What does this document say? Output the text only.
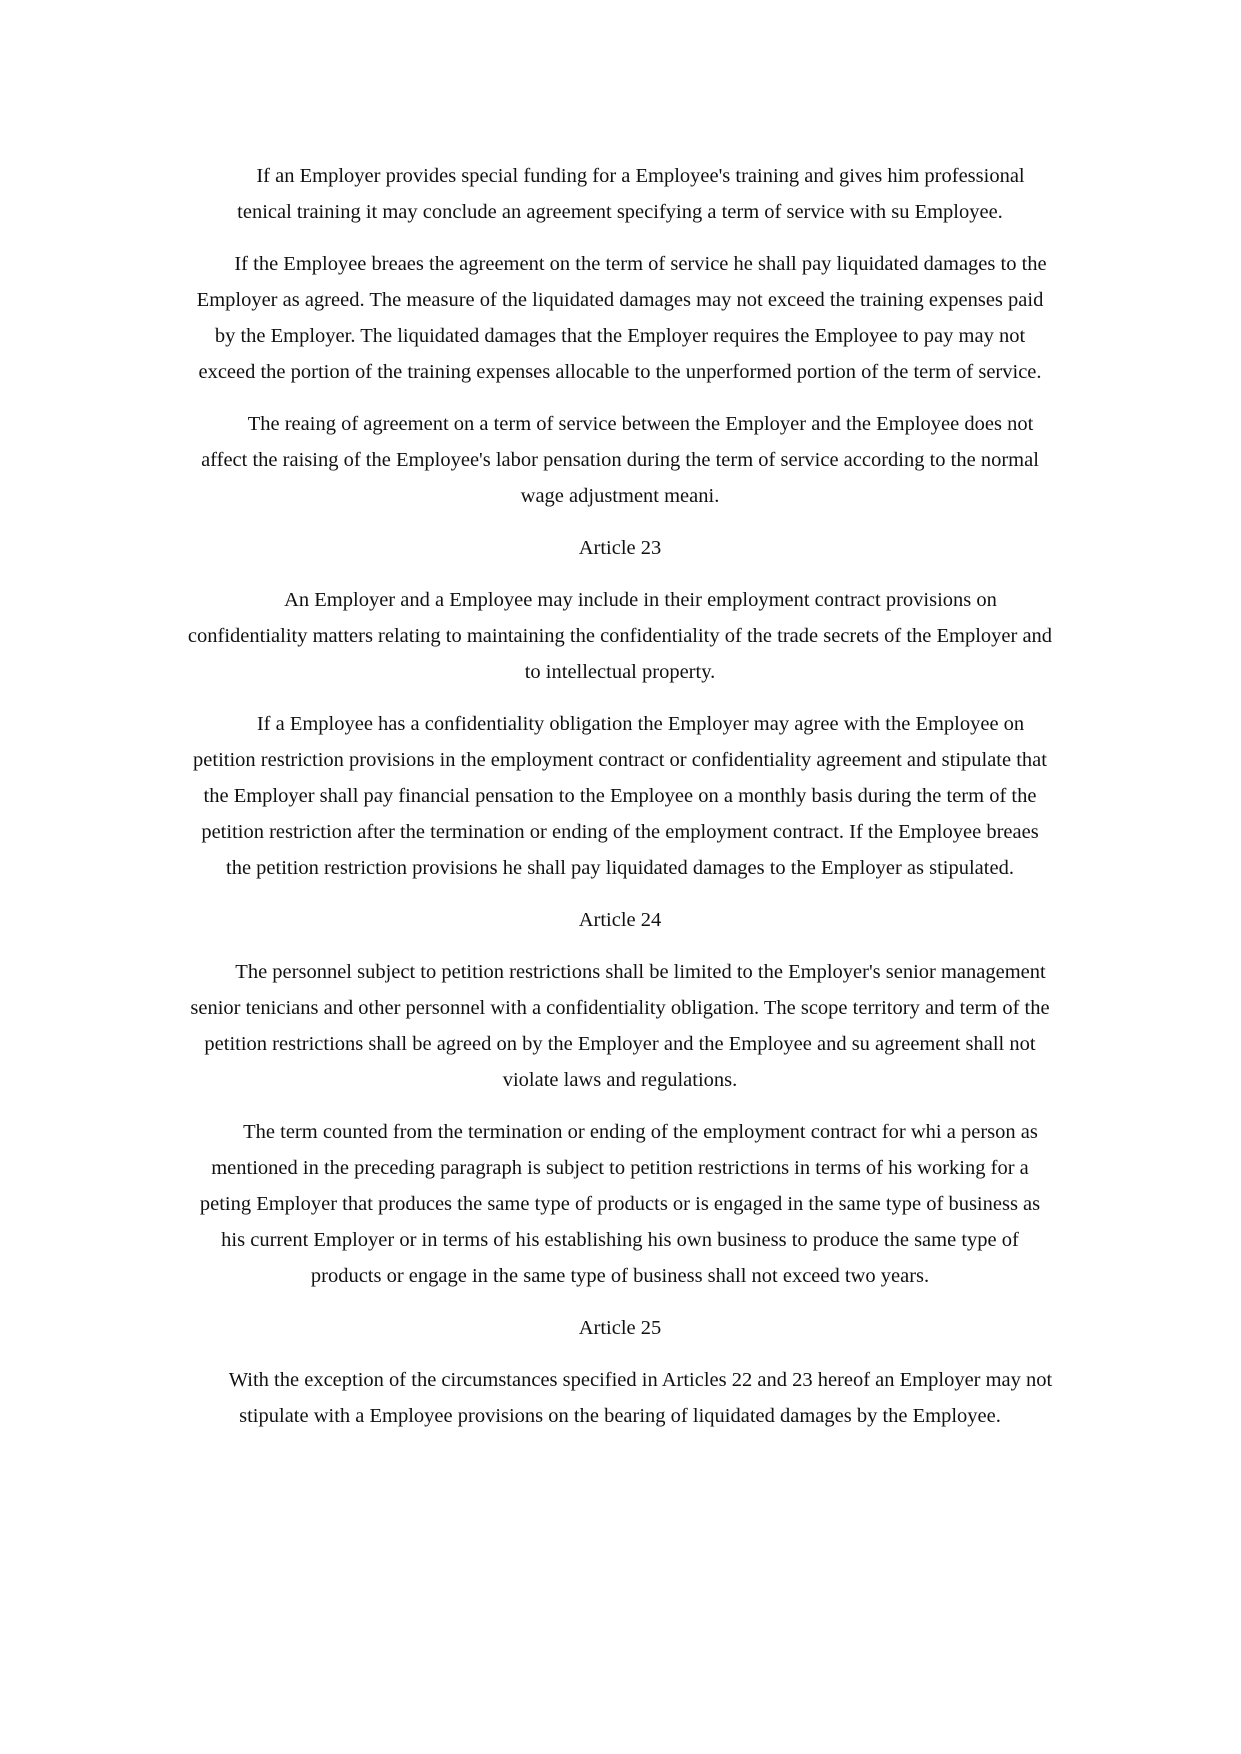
If an Employer provides special funding for a Employee's training and gives him professional tenical training it may conclude an agreement specifying a term of service with su Employee.

If the Employee breaes the agreement on the term of service he shall pay liquidated damages to the Employer as agreed. The measure of the liquidated damages may not exceed the training expenses paid by the Employer. The liquidated damages that the Employer requires the Employee to pay may not exceed the portion of the training expenses allocable to the unperformed portion of the term of service.

The reaing of agreement on a term of service between the Employer and the Employee does not affect the raising of the Employee's labor pensation during the term of service according to the normal wage adjustment meani.

Article 23

An Employer and a Employee may include in their employment contract provisions on confidentiality matters relating to maintaining the confidentiality of the trade secrets of the Employer and to intellectual property.

If a Employee has a confidentiality obligation the Employer may agree with the Employee on petition restriction provisions in the employment contract or confidentiality agreement and stipulate that the Employer shall pay financial pensation to the Employee on a monthly basis during the term of the petition restriction after the termination or ending of the employment contract. If the Employee breaes the petition restriction provisions he shall pay liquidated damages to the Employer as stipulated.

Article 24

The personnel subject to petition restrictions shall be limited to the Employer's senior management senior tenicians and other personnel with a confidentiality obligation. The scope territory and term of the petition restrictions shall be agreed on by the Employer and the Employee and su agreement shall not violate laws and regulations.

The term counted from the termination or ending of the employment contract for whi a person as mentioned in the preceding paragraph is subject to petition restrictions in terms of his working for a peting Employer that produces the same type of products or is engaged in the same type of business as his current Employer or in terms of his establishing his own business to produce the same type of products or engage in the same type of business shall not exceed two years.

Article 25

With the exception of the circumstances specified in Articles 22 and 23 hereof an Employer may not stipulate with a Employee provisions on the bearing of liquidated damages by the Employee.
